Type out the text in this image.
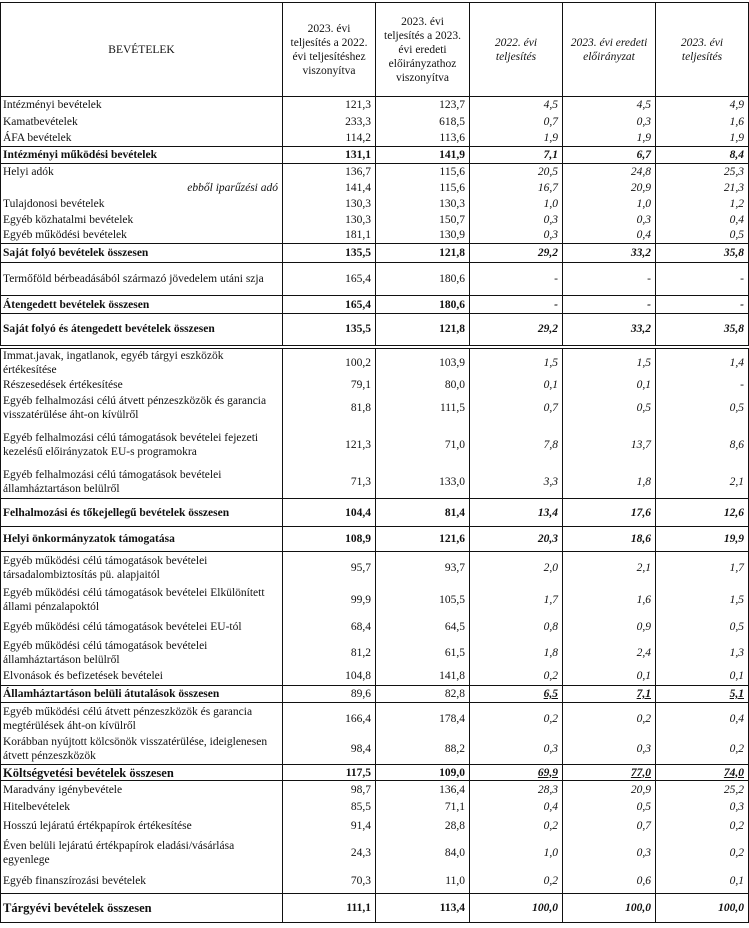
BEVÉTELEK	2023. évi teljesítés a 2022. évi teljesítéshez viszonyítva	2023. évi teljesítés a 2023. évi eredeti előirányzathoz viszonyítva	2022. évi teljesítés	2023. évi eredeti előirányzat	2023. évi teljesítés
Intézményi bevételek	121,3	123,7	4,5	4,5	4,9
Kamatbevételek	233,3	618,5	0,7	0,3	1,6
ÁFA bevételek	114,2	113,6	1,9	1,9	1,9
Intézményi működési bevételek	131,1	141,9	7,1	6,7	8,4
Helyi adók	136,7	115,6	20,5	24,8	25,3
ebből iparűzési adó	141,4	115,6	16,7	20,9	21,3
Tulajdonosi bevételek	130,3	130,3	1,0	1,0	1,2
Egyéb közhatalmi bevételek	130,3	150,7	0,3	0,3	0,4
Egyéb működési bevételek	181,1	130,9	0,3	0,4	0,5
Saját folyó bevételek összesen	135,5	121,8	29,2	33,2	35,8
Termőföld bérbeadásából származó jövedelem utáni szja	165,4	180,6	-	-	-
Átengedett bevételek összesen	165,4	180,6	-	-	-
Saját folyó és átengedett bevételek összesen	135,5	121,8	29,2	33,2	35,8
Immat.javak, ingatlanok, egyéb tárgyi eszközök értékesítése	100,2	103,9	1,5	1,5	1,4
Részesedések értékesítése	79,1	80,0	0,1	0,1	-
Egyéb felhalmozási célú átvett pénzeszközök és garancia visszatérülése áht-on kívülről	81,8	111,5	0,7	0,5	0,5
Egyéb felhalmozási célú támogatások bevételei fejezeti kezelésű előirányzatok EU-s programokra	121,3	71,0	7,8	13,7	8,6
Egyéb felhalmozási célú támogatások bevételei államháztartáson belülről	71,3	133,0	3,3	1,8	2,1
Felhalmozási és tőkejellegű bevételek összesen	104,4	81,4	13,4	17,6	12,6
Helyi önkormányzatok támogatása	108,9	121,6	20,3	18,6	19,9
Egyéb működési célú támogatások bevételei társadalombiztosítás pü. alapjaitól	95,7	93,7	2,0	2,1	1,7
Egyéb működési célú támogatások bevételei Elkülönített állami pénzalapoktól	99,9	105,5	1,7	1,6	1,5
Egyéb működési célú támogatások bevételei EU-tól	68,4	64,5	0,8	0,9	0,5
Egyéb működési célú támogatások bevételei államháztartáson belülről	81,2	61,5	1,8	2,4	1,3
Elvonások és befizetések bevételei	104,8	141,8	0,2	0,1	0,1
Államháztartáson belüli átutalások összesen	89,6	82,8	6,5	7,1	5,1
Egyéb működési célú átvett pénzeszközök és garancia megtérülések áht-on kívülről	166,4	178,4	0,2	0,2	0,4
Korábban nyújtott kölcsönök visszatérülése, ideiglenesen átvett pénzeszközök	98,4	88,2	0,3	0,3	0,2
Költségvetési bevételek összesen	117,5	109,0	69,9	77,0	74,0
Maradvány igénybevétele	98,7	136,4	28,3	20,9	25,2
Hitelbevételek	85,5	71,1	0,4	0,5	0,3
Hosszú lejáratú értékpapírok értékesítése	91,4	28,8	0,2	0,7	0,2
Éven belüli lejáratú értékpapírok eladási/vásárlása egyenlege	24,3	84,0	1,0	0,3	0,2
Egyéb finanszírozási bevételek	70,3	11,0	0,2	0,6	0,1
Tárgyévi bevételek összesen	111,1	113,4	100,0	100,0	100,0
